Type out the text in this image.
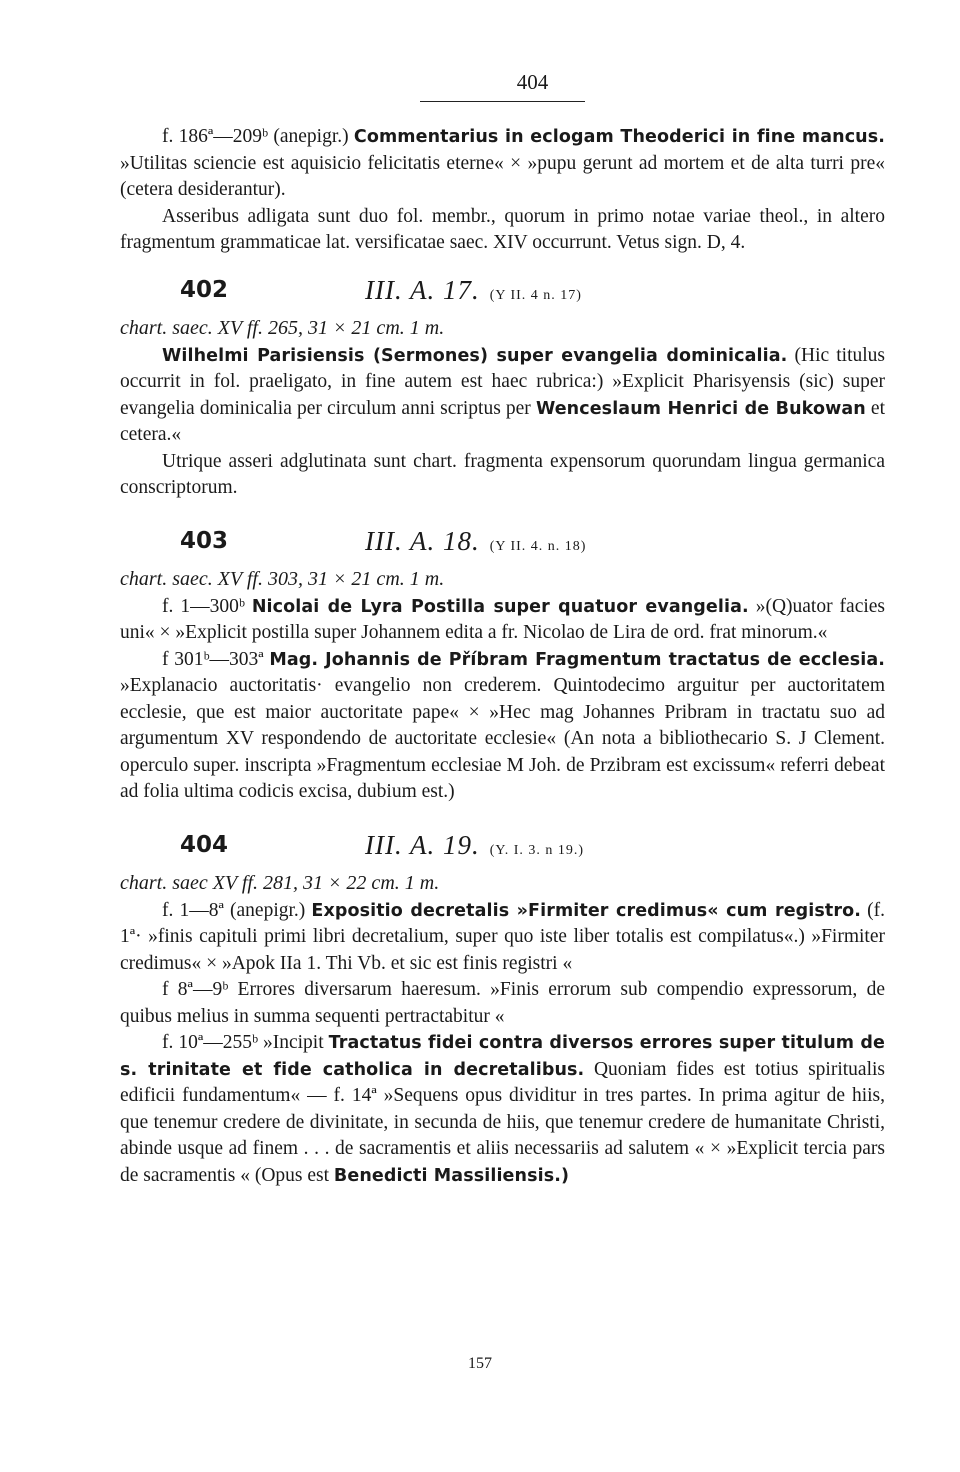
404

f. 186ª—209ᵇ (anepigr.) Commentarius in eclogam Theoderici in fine mancus. »Utilitas sciencie est aquisicio felicitatis eterne« × »pupu gerunt ad mortem et de alta turri pre« (cetera desiderantur).

Asseribus adligata sunt duo fol. membr., quorum in primo notae variae theol., in altero fragmentum grammaticae lat. versificatae saec. XIV occurrunt. Vetus sign. D, 4.

402	III. A. 17. (Y II. 4 n. 17)

chart. saec. XV ff. 265, 31 × 21 cm. 1 m.

Wilhelmi Parisiensis (Sermones) super evangelia dominicalia. (Hic titulus occurrit in fol. praeligato, in fine autem est haec rubrica:) »Explicit Pharisyensis (sic) super evangelia dominicalia per circulum anni scriptus per Wenceslaum Henrici de Bukowan et cetera.«

Utrique asseri adglutinata sunt chart. fragmenta expensorum quorundam lingua germanica conscriptorum.

403	III. A. 18. (Y II. 4. n. 18)

chart. saec. XV ff. 303, 31 × 21 cm. 1 m.

f. 1—300ᵇ Nicolai de Lyra Postilla super quatuor evangelia. »(Q)uator facies uni« × »Explicit postilla super Johannem edita a fr. Nicolao de Lira de ord. frat minorum.«

f 301ᵇ—303ª Mag. Johannis de Příbram Fragmentum tractatus de ecclesia. »Explanacio auctoritatis· evangelio non crederem. Quintodecimo arguitur per auctoritatem ecclesie, que est maior auctoritate pape« × »Hec mag Johannes Pribram in tractatu suo ad argumentum XV respondendo de auctoritate ecclesie« (An nota a bibliothecario S. J Clement. operculo super. inscripta »Fragmentum ecclesiae M Joh. de Przibram est excissum« referri debeat ad folia ultima codicis excisa, dubium est.)

404	III. A. 19. (Y. I. 3. n 19.)

chart. saec XV ff. 281, 31 × 22 cm. 1 m.

f. 1—8ª (anepigr.) Expositio decretalis »Firmiter credimus« cum registro. (f. 1ª· »finis capituli primi libri decretalium, super quo iste liber totalis est compilatus«.) »Firmiter credimus« × »Apok IIa 1. Thi Vb. et sic est finis registri «

f 8ª—9ᵇ Errores diversarum haeresum. »Finis errorum sub compendio expressorum, de quibus melius in summa sequenti pertractabitur «

f. 10ª—255ᵇ »Incipit Tractatus fidei contra diversos errores super titulum de s. trinitate et fide catholica in decretalibus. Quoniam fides est totius spiritualis edificii fundamentum« — f. 14ª »Sequens opus dividitur in tres partes. In prima agitur de hiis, que tenemur credere de divinitate, in secunda de hiis, que tenemur credere de humanitate Christi, abinde usque ad finem . . . de sacramentis et aliis necessariis ad salutem « × »Explicit tercia pars de sacramentis « (Opus est Benedicti Massiliensis.)

157
